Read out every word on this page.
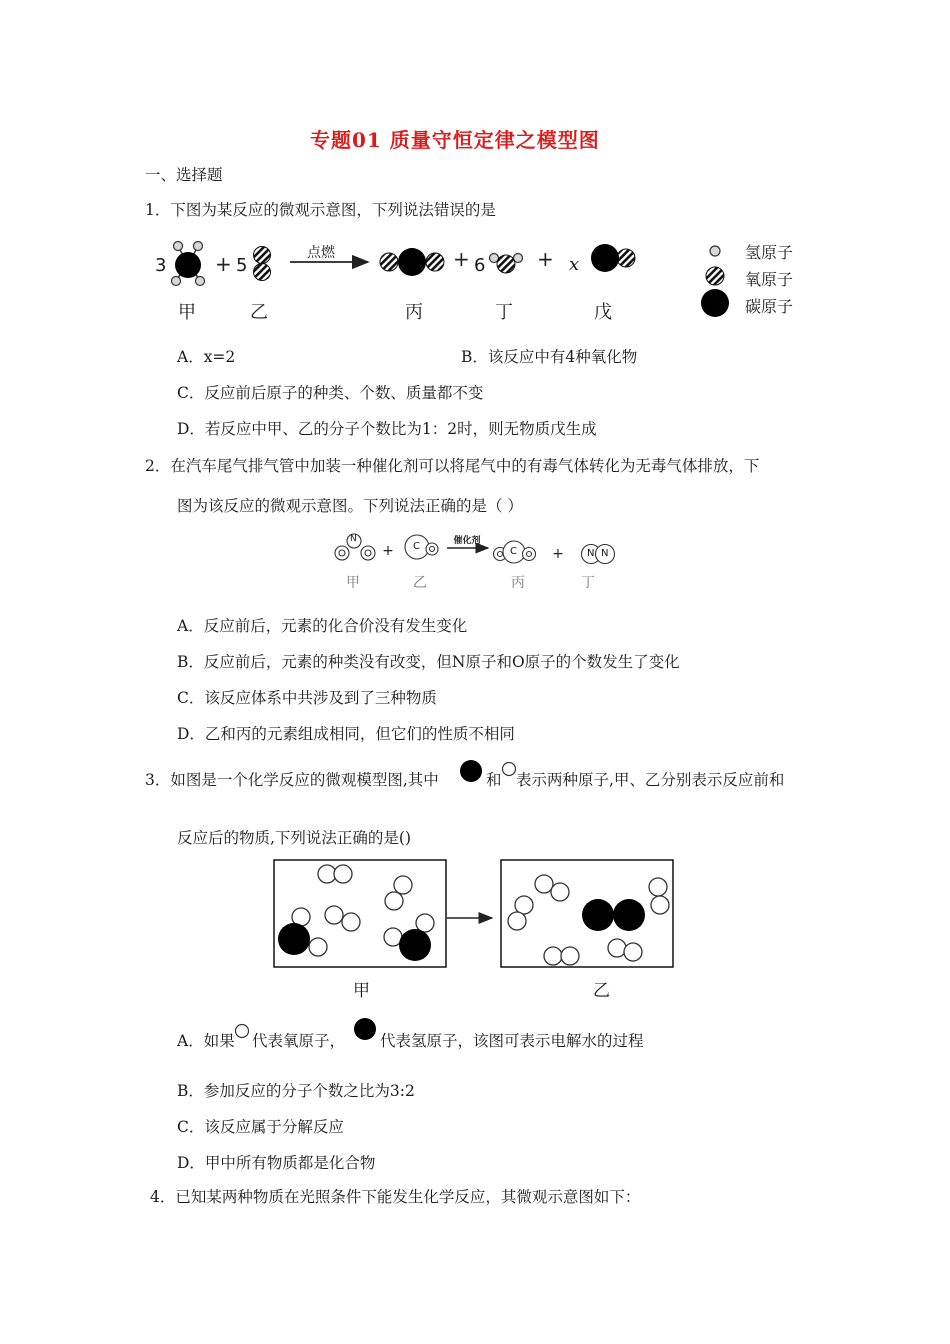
专题01 质量守恒定律之模型图
一、选择题
1．下图为某反应的微观示意图，下列说法错误的是
3	5	6	x
点燃
+	+	+	氢原子
氧原子
碳原子
甲	乙	丙	丁	戊
A．x=2	B．该反应中有4种氧化物
C．反应前后原子的种类、个数、质量都不变
D．若反应中甲、乙的分子个数比为1：2时，则无物质戊生成
2．在汽车尾气排气管中加装一种催化剂可以将尾气中的有毒气体转化为无毒气体排放，下
图为该反应的微观示意图。下列说法正确的是（ ）
+
催化剂
+
N
C	C	N N
甲	乙	丙	丁
A．反应前后，元素的化合价没有发生变化
B．反应前后，元素的种类没有改变，但N原子和O原子的个数发生了变化
C．该反应体系中共涉及到了三种物质
D．乙和丙的元素组成相同，但它们的性质不相同
3．如图是一个化学反应的微观模型图,其中	和 表示两种原子,甲、乙分别表示反应前和
反应后的物质,下列说法正确的是()
甲	乙
A．如果 代表氧原子， 代表氢原子，该图可表示电解水的过程
B．参加反应的分子个数之比为3:2
C．该反应属于分解反应
D．甲中所有物质都是化合物
4．已知某两种物质在光照条件下能发生化学反应，其微观示意图如下：
